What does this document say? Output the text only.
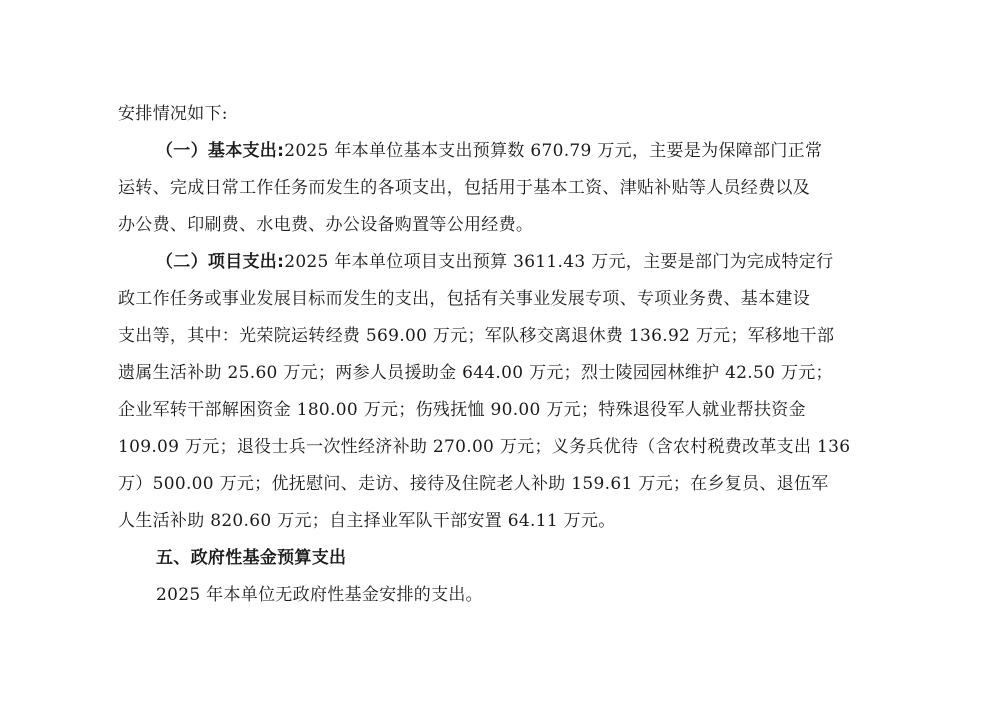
安排情况如下:
（一）基本支出:2025 年本单位基本支出预算数 670.79 万元，主要是为保障部门正常
运转、完成日常工作任务而发生的各项支出，包括用于基本工资、津贴补贴等人员经费以及
办公费、印刷费、水电费、办公设备购置等公用经费。
（二）项目支出:2025 年本单位项目支出预算 3611.43 万元，主要是部门为完成特定行
政工作任务或事业发展目标而发生的支出，包括有关事业发展专项、专项业务费、基本建设
支出等，其中：光荣院运转经费 569.00 万元；军队移交离退休费 136.92 万元；军移地干部
遗属生活补助 25.60 万元；两参人员援助金 644.00 万元；烈士陵园园林维护 42.50 万元；
企业军转干部解困资金 180.00 万元；伤残抚恤 90.00 万元；特殊退役军人就业帮扶资金
109.09 万元；退役士兵一次性经济补助 270.00 万元；义务兵优待（含农村税费改革支出 136
万）500.00 万元；优抚慰问、走访、接待及住院老人补助 159.61 万元；在乡复员、退伍军
人生活补助 820.60 万元；自主择业军队干部安置 64.11 万元。
五、政府性基金预算支出
2025 年本单位无政府性基金安排的支出。
